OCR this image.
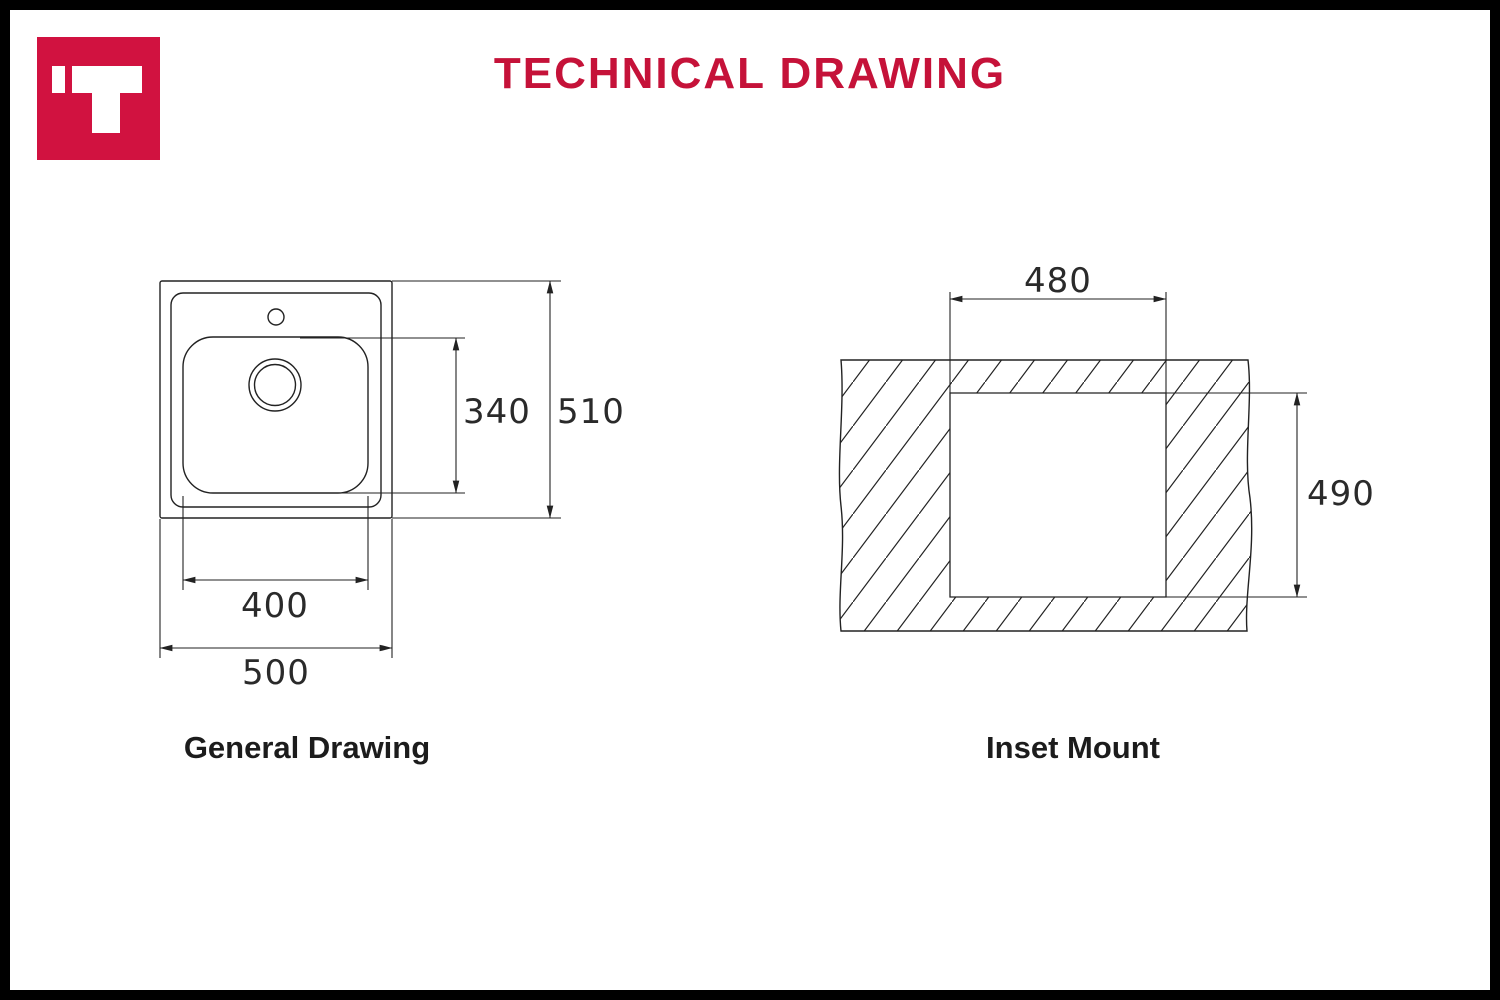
TECHNICAL DRAWING
340 510
400
500
480
490
General Drawing	Inset Mount
